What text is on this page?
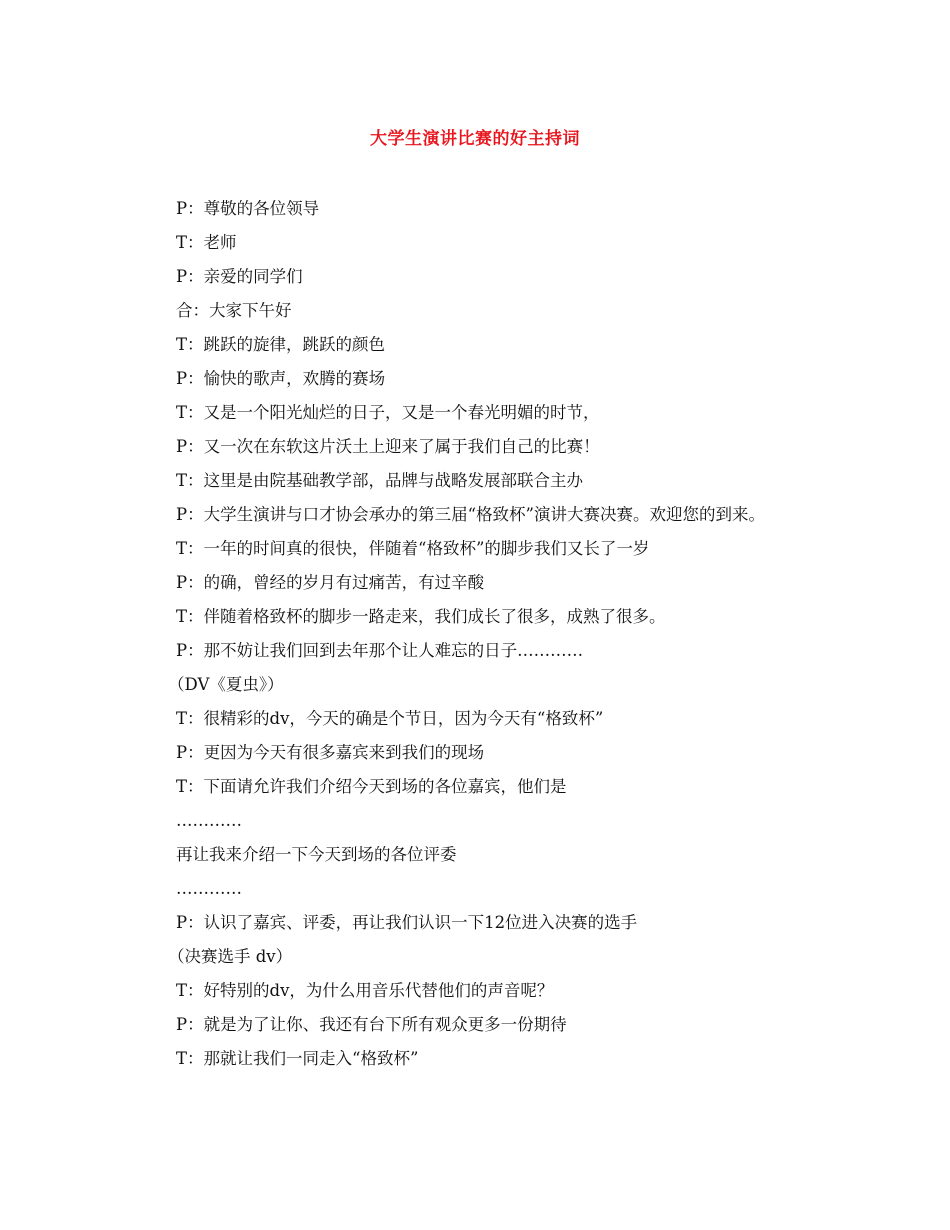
大学生演讲比赛的好主持词

P：尊敬的各位领导

T：老师

P：亲爱的同学们

合：大家下午好

T：跳跃的旋律，跳跃的颜色

P：愉快的歌声，欢腾的赛场

T：又是一个阳光灿烂的日子，又是一个春光明媚的时节，

P：又一次在东软这片沃土上迎来了属于我们自己的比赛！

T：这里是由院基础教学部，品牌与战略发展部联合主办

P：大学生演讲与口才协会承办的第三届“格致杯”演讲大赛决赛。欢迎您的到来。

T：一年的时间真的很快，伴随着“格致杯”的脚步我们又长了一岁

P：的确，曾经的岁月有过痛苦，有过辛酸

T：伴随着格致杯的脚步一路走来，我们成长了很多，成熟了很多。

P：那不妨让我们回到去年那个让人难忘的日子…………

（DV《夏虫》）

T：很精彩的dv，今天的确是个节日，因为今天有“格致杯”

P：更因为今天有很多嘉宾来到我们的现场

T：下面请允许我们介绍今天到场的各位嘉宾，他们是

…………

再让我来介绍一下今天到场的各位评委

…………

P：认识了嘉宾、评委，再让我们认识一下12位进入决赛的选手

（决赛选手 dv）

T：好特别的dv，为什么用音乐代替他们的声音呢？

P：就是为了让你、我还有台下所有观众更多一份期待

T：那就让我们一同走入“格致杯”
